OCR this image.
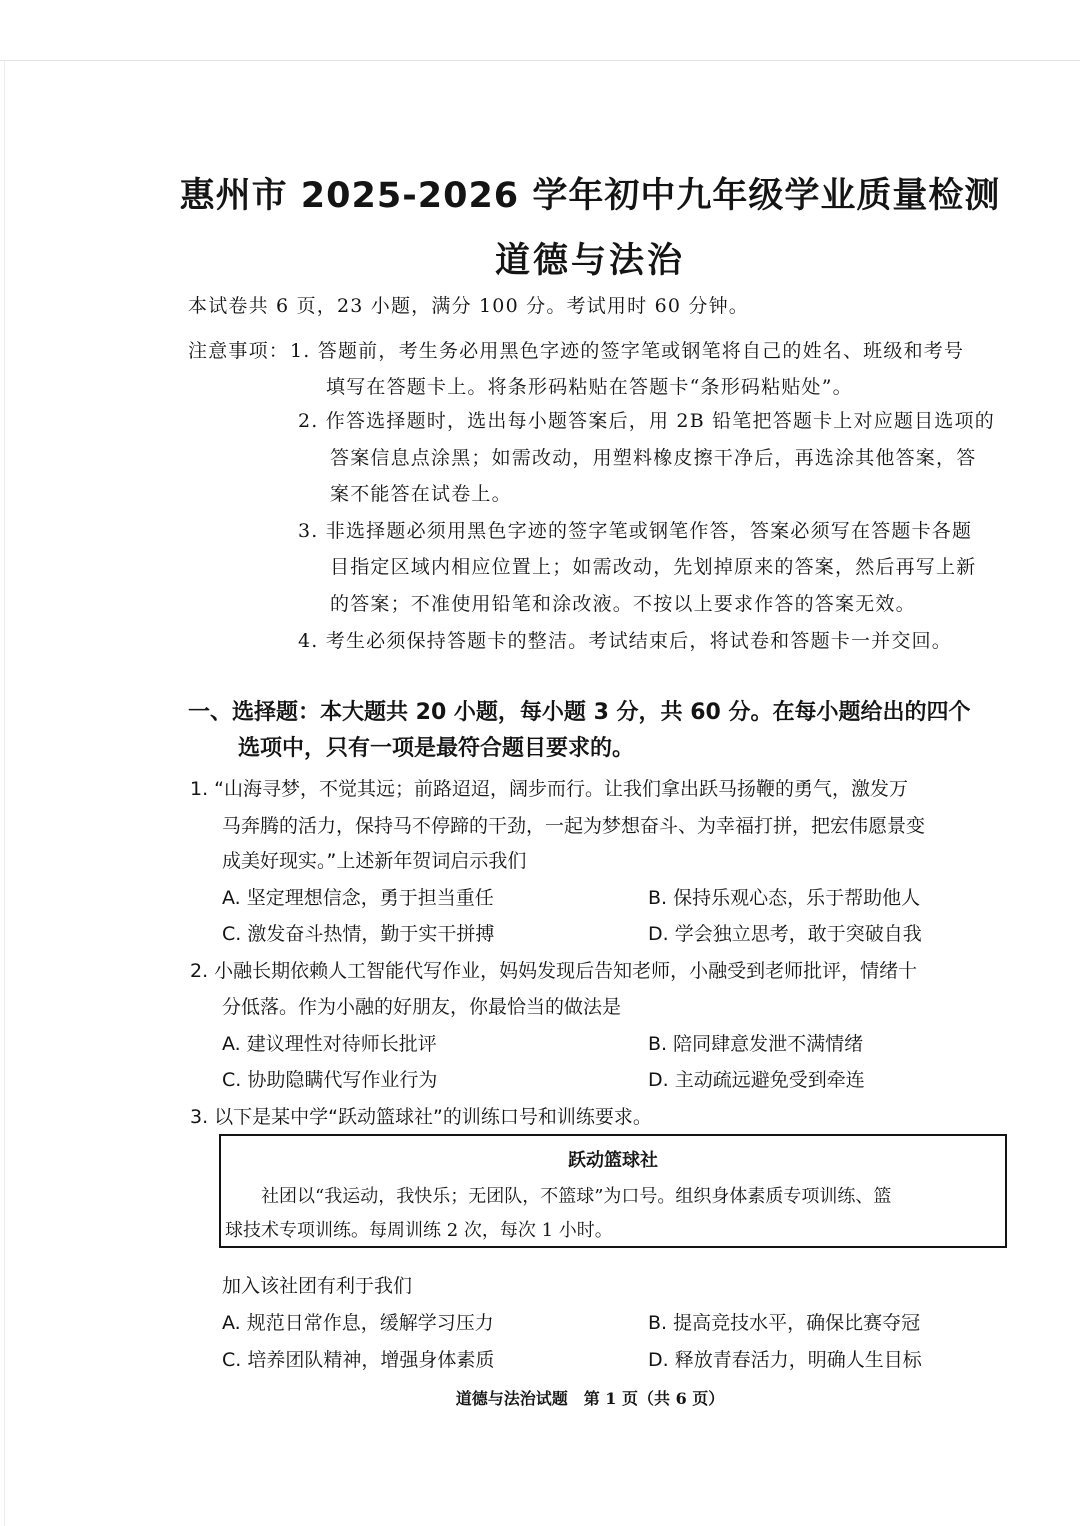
惠州市 2025-2026 学年初中九年级学业质量检测
道德与法治
本试卷共 6 页，23 小题，满分 100 分。考试用时 60 分钟。
注意事项： 1. 答题前，考生务必用黑色字迹的签字笔或钢笔将自己的姓名、班级和考号
填写在答题卡上。将条形码粘贴在答题卡“条形码粘贴处”。
2. 作答选择题时，选出每小题答案后，用 2B 铅笔把答题卡上对应题目选项的
答案信息点涂黑；如需改动，用塑料橡皮擦干净后，再选涂其他答案，答
案不能答在试卷上。
3. 非选择题必须用黑色字迹的签字笔或钢笔作答，答案必须写在答题卡各题
目指定区域内相应位置上；如需改动，先划掉原来的答案，然后再写上新
的答案；不准使用铅笔和涂改液。不按以上要求作答的答案无效。
4. 考生必须保持答题卡的整洁。考试结束后，将试卷和答题卡一并交回。
一、选择题：本大题共 20 小题，每小题 3 分，共 60 分。在每小题给出的四个
选项中，只有一项是最符合题目要求的。
1. “山海寻梦，不觉其远；前路迢迢，阔步而行。让我们拿出跃马扬鞭的勇气，激发万
马奔腾的活力，保持马不停蹄的干劲，一起为梦想奋斗、为幸福打拼，把宏伟愿景变
成美好现实。”上述新年贺词启示我们
A. 坚定理想信念，勇于担当重任	B. 保持乐观心态，乐于帮助他人
C. 激发奋斗热情，勤于实干拼搏	D. 学会独立思考，敢于突破自我
2. 小融长期依赖人工智能代写作业，妈妈发现后告知老师，小融受到老师批评，情绪十
分低落。作为小融的好朋友，你最恰当的做法是
A. 建议理性对待师长批评	B. 陪同肆意发泄不满情绪
C. 协助隐瞒代写作业行为	D. 主动疏远避免受到牵连
3. 以下是某中学“跃动篮球社”的训练口号和训练要求。
跃动篮球社
社团以“我运动，我快乐；无团队，不篮球”为口号。组织身体素质专项训练、篮
球技术专项训练。每周训练 2 次，每次 1 小时。
加入该社团有利于我们
A. 规范日常作息，缓解学习压力	B. 提高竞技水平，确保比赛夺冠
C. 培养团队精神，增强身体素质	D. 释放青春活力，明确人生目标
道德与法治试题　第 1 页（共 6 页）
